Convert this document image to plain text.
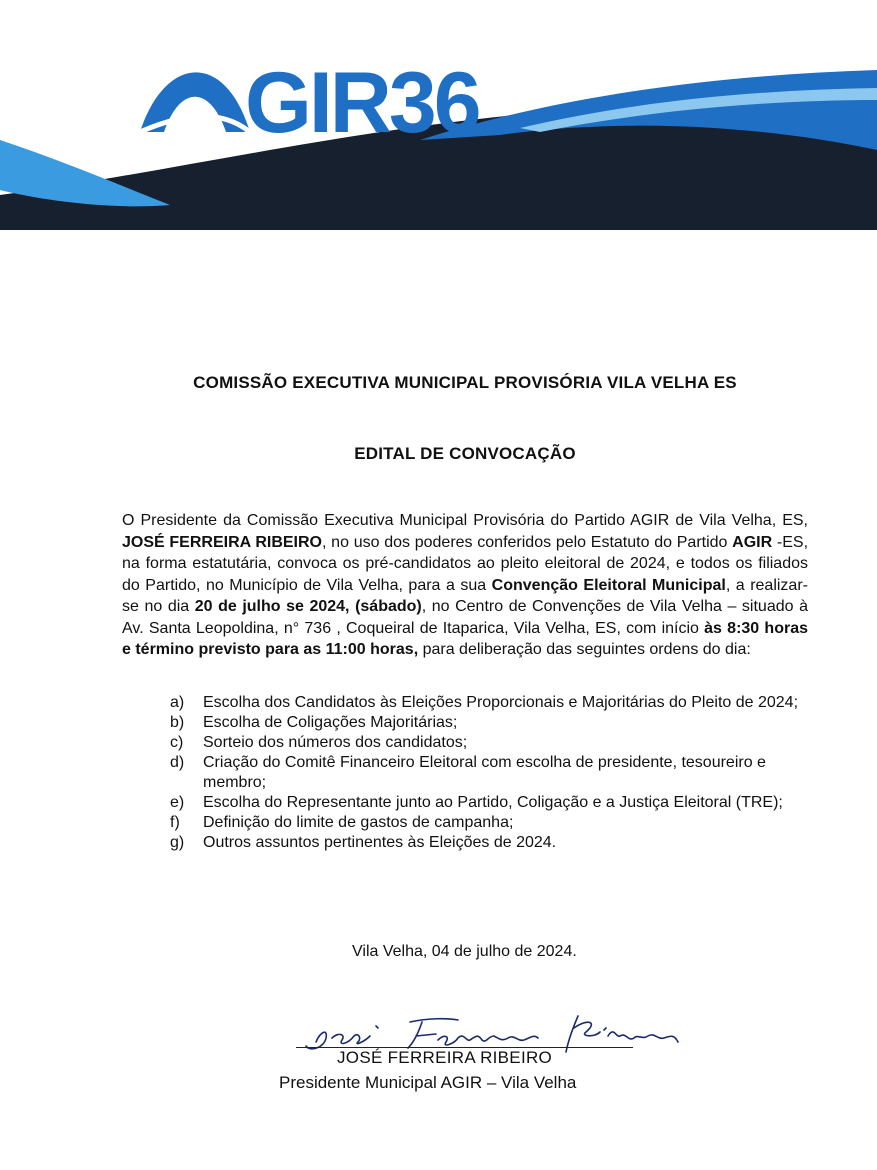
GIR36
COMISSÃO EXECUTIVA MUNICIPAL PROVISÓRIA VILA VELHA ES
EDITAL DE CONVOCAÇÃO

O Presidente da Comissão Executiva Municipal Provisória do Partido AGIR de Vila Velha, ES, JOSÉ FERREIRA RIBEIRO, no uso dos poderes conferidos pelo Estatuto do Partido AGIR -ES, na forma estatutária, convoca os pré-candidatos ao pleito eleitoral de 2024, e todos os filiados do Partido, no Município de Vila Velha, para a sua Convenção Eleitoral Municipal, a realizar-se no dia 20 de julho se 2024, (sábado), no Centro de Convenções de Vila Velha – situado à Av. Santa Leopoldina, n° 736 , Coqueiral de Itaparica, Vila Velha, ES, com início às 8:30 horas e término previsto para as 11:00 horas, para deliberação das seguintes ordens do dia:

a)	Escolha dos Candidatos às Eleições Proporcionais e Majoritárias do Pleito de 2024;
b)	Escolha de Coligações Majoritárias;
c)	Sorteio dos números dos candidatos;
d)	Criação do Comitê Financeiro Eleitoral com escolha de presidente, tesoureiro e membro;
e)	Escolha do Representante junto ao Partido, Coligação e a Justiça Eleitoral (TRE);
f)	Definição do limite de gastos de campanha;
g)	Outros assuntos pertinentes às Eleições de 2024.
Vila Velha, 04 de julho de 2024.
JOSÉ FERREIRA RIBEIRO
Presidente Municipal AGIR – Vila Velha
